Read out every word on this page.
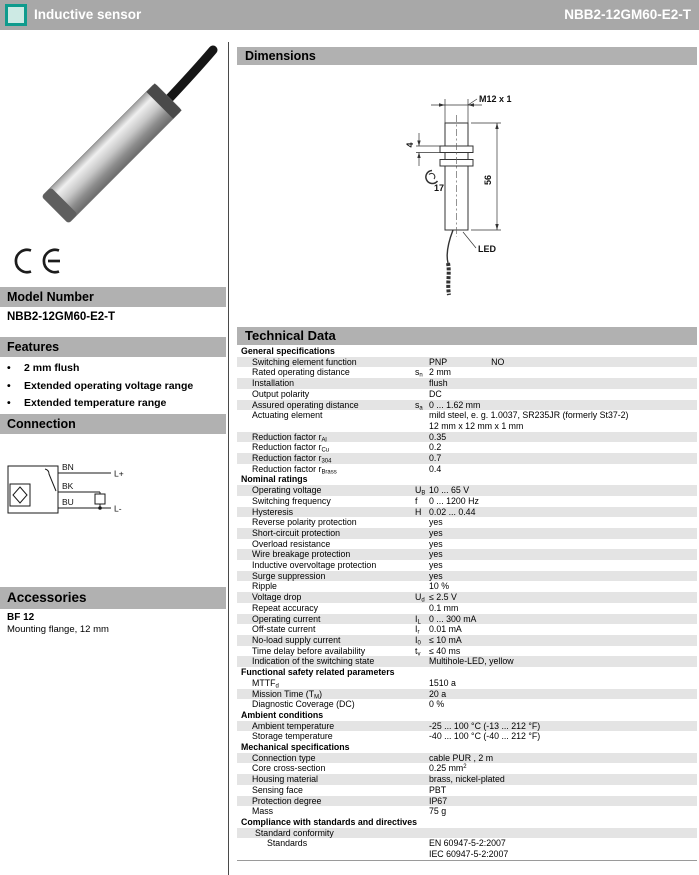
Inductive sensor	NBB2-12GM60-E2-T
Model Number
NBB2-12GM60-E2-T
Features
•	2 mm flush
•	Extended operating voltage range
•	Extended temperature range
Connection
BN
BK
BU
L+
L-
Accessories
BF 12
Mounting flange, 12 mm
Dimensions
M12 x 1
4
17
56
LED
Technical Data
General specifications
Switching element function	PNP	NO
Rated operating distance	$s_n$ 2 mm
Installation	flush
Output polarity	DC
Assured operating distance	$s_a$ 0 ... 1.62 mm
Actuating element	mild steel, e. g. 1.0037, SR235JR (formerly St37-2)
12 mm x 12 mm x 1 mm
Reduction factor $r_{Al}$	0.35
Reduction factor $r_{Cu}$	0.2
Reduction factor $r_{304}$	0.7
Reduction factor $r_{Brass}$	0.4
Nominal ratings
Operating voltage	$U_B$ 10 ... 65 V
Switching frequency	f	0 ... 1200 Hz
Hysteresis	H 0.02 ... 0.44
Reverse polarity protection	yes
Short-circuit protection	yes
Overload resistance	yes
Wire breakage protection	yes
Inductive overvoltage protection	yes
Surge suppression	yes
Ripple	10 %
Voltage drop	$U_d \le 2.5$ V
Repeat accuracy	0.1 mm
Operating current	$I_L$ 0 ... 300 mA
Off-state current	$I_r$	0.01 mA
No-load supply current	$I_0 \le 10$ mA
Time delay before availability	$t_v \le 40$ ms
Indication of the switching state	Multihole-LED, yellow
Functional safety related parameters
$MTTF_d$	1510 a
Mission Time $(T_M)$	20 a
Diagnostic Coverage (DC)	0 %
Ambient conditions
Ambient temperature	-25 ... 100 °C (-13 ... 212 °F)
Storage temperature	-40 ... 100 °C (-40 ... 212 °F)
Mechanical specifications
Connection type	cable PUR , 2 m
Core cross-section	0.25 $mm^2$
Housing material	brass, nickel-plated
Sensing face	PBT
Protection degree	IP67
Mass	75 g
Compliance with standards and directives
Standard conformity
Standards	EN 60947-5-2:2007
IEC 60947-5-2:2007
